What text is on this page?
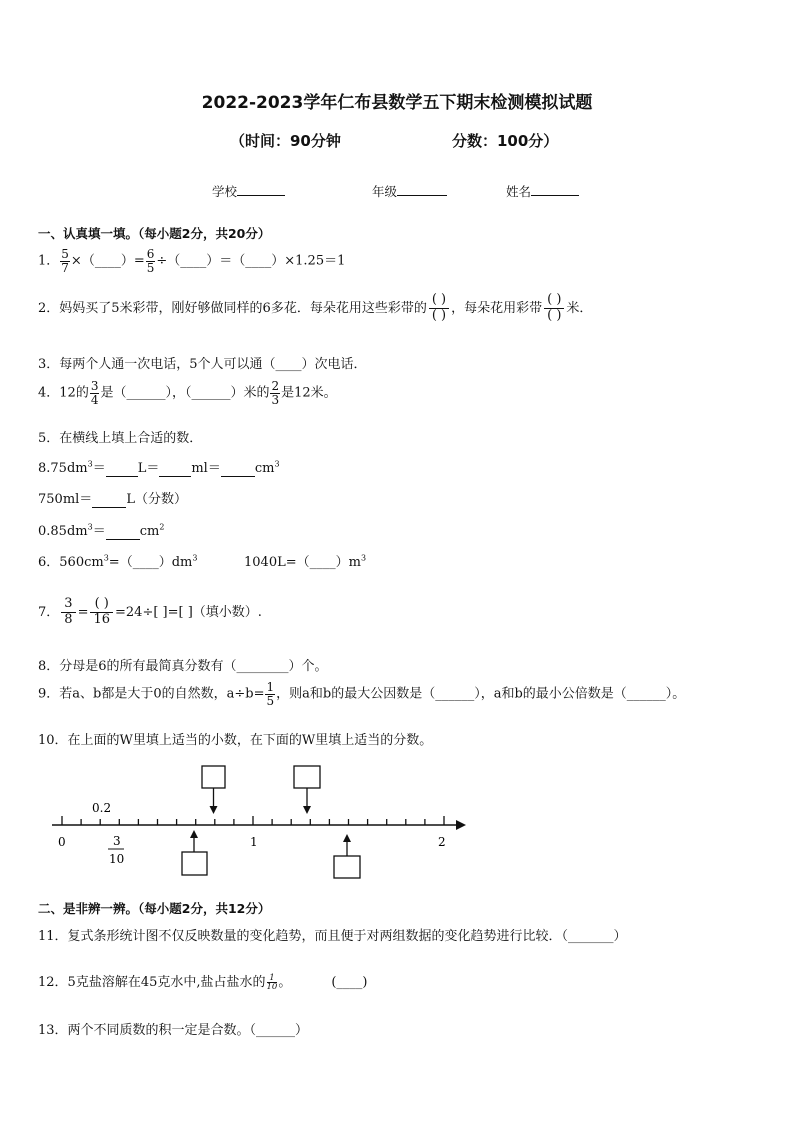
2022-2023学年仁布县数学五下期末检测模拟试题
（时间：90分钟	分数：100分）
学校	年级	姓名
一、认真填一填。（每小题2分，共20分）
1． $\frac{5}{7}$ ×（____）= $\frac{6}{5}$ ÷（____）＝（____）×1.25＝1
2．妈妈买了5米彩带，刚好够做同样的6多花．每朵花用这些彩带的
( )
( ) ，每朵花用彩带
( )
( ) 米．
3．每两个人通一次电话，5个人可以通（____）次电话．
4．12的 $\frac{3}{4}$ 是（______），（______）米的 $\frac{2}{3}$ 是12米。
5．在横线上填上合适的数．
$8.75dm^3= L= ml=$	$cm^3$
750ml＝	L（分数）
$0.85dm^3=$	$cm^2$
6．$560cm^3=(\_\_\_\_)dm^3$	$1040L=(\_\_\_\_)m^3$
7． $\frac{3}{8}$ =
( )
16 =24÷[ ]=[ ]（填小数）.
8．分母是6的所有最简真分数有（________）个。
9．若a、b都是大于0的自然数，$a\div b= \frac{1}{5}$ ，则a和b的最大公因数是（______），a和b的最小公倍数是（______）。
10．在上面的W里填上适当的小数，在下面的W里填上适当的分数。
0.2
0	1	2
3
10
二、是非辨一辨。（每小题2分，共12分）
11．复式条形统计图不仅反映数量的变化趋势，而且便于对两组数据的变化趋势进行比较．（_______）
12．5克盐溶解在45克水中,盐占盐水的 $\frac{1}{10}$ 。	(____)
13．两个不同质数的积一定是合数。（______）
